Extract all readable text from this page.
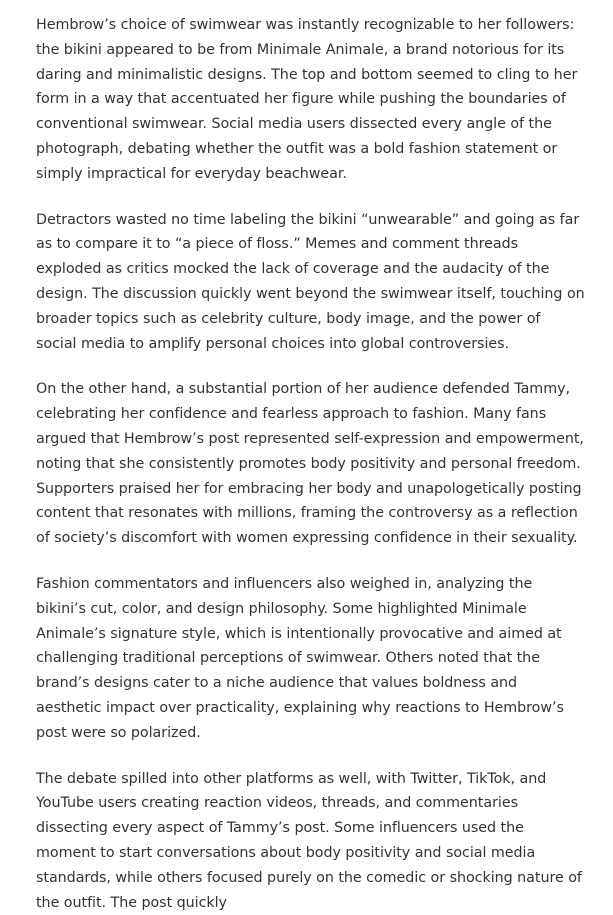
Hembrow’s choice of swimwear was instantly recognizable to her followers: the bikini appeared to be from Minimale Animale, a brand notorious for its daring and minimalistic designs. The top and bottom seemed to cling to her form in a way that accentuated her figure while pushing the boundaries of conventional swimwear. Social media users dissected every angle of the photograph, debating whether the outfit was a bold fashion statement or simply impractical for everyday beachwear.

Detractors wasted no time labeling the bikini “unwearable” and going as far as to compare it to “a piece of floss.” Memes and comment threads exploded as critics mocked the lack of coverage and the audacity of the design. The discussion quickly went beyond the swimwear itself, touching on broader topics such as celebrity culture, body image, and the power of social media to amplify personal choices into global controversies.

On the other hand, a substantial portion of her audience defended Tammy, celebrating her confidence and fearless approach to fashion. Many fans argued that Hembrow’s post represented self-expression and empowerment, noting that she consistently promotes body positivity and personal freedom. Supporters praised her for embracing her body and unapologetically posting content that resonates with millions, framing the controversy as a reflection of society’s discomfort with women expressing confidence in their sexuality.

Fashion commentators and influencers also weighed in, analyzing the bikini’s cut, color, and design philosophy. Some highlighted Minimale Animale’s signature style, which is intentionally provocative and aimed at challenging traditional perceptions of swimwear. Others noted that the brand’s designs cater to a niche audience that values boldness and aesthetic impact over practicality, explaining why reactions to Hembrow’s post were so polarized.

The debate spilled into other platforms as well, with Twitter, TikTok, and YouTube users creating reaction videos, threads, and commentaries dissecting every aspect of Tammy’s post. Some influencers used the moment to start conversations about body positivity and social media standards, while others focused purely on the comedic or shocking nature of the outfit. The post quickly
